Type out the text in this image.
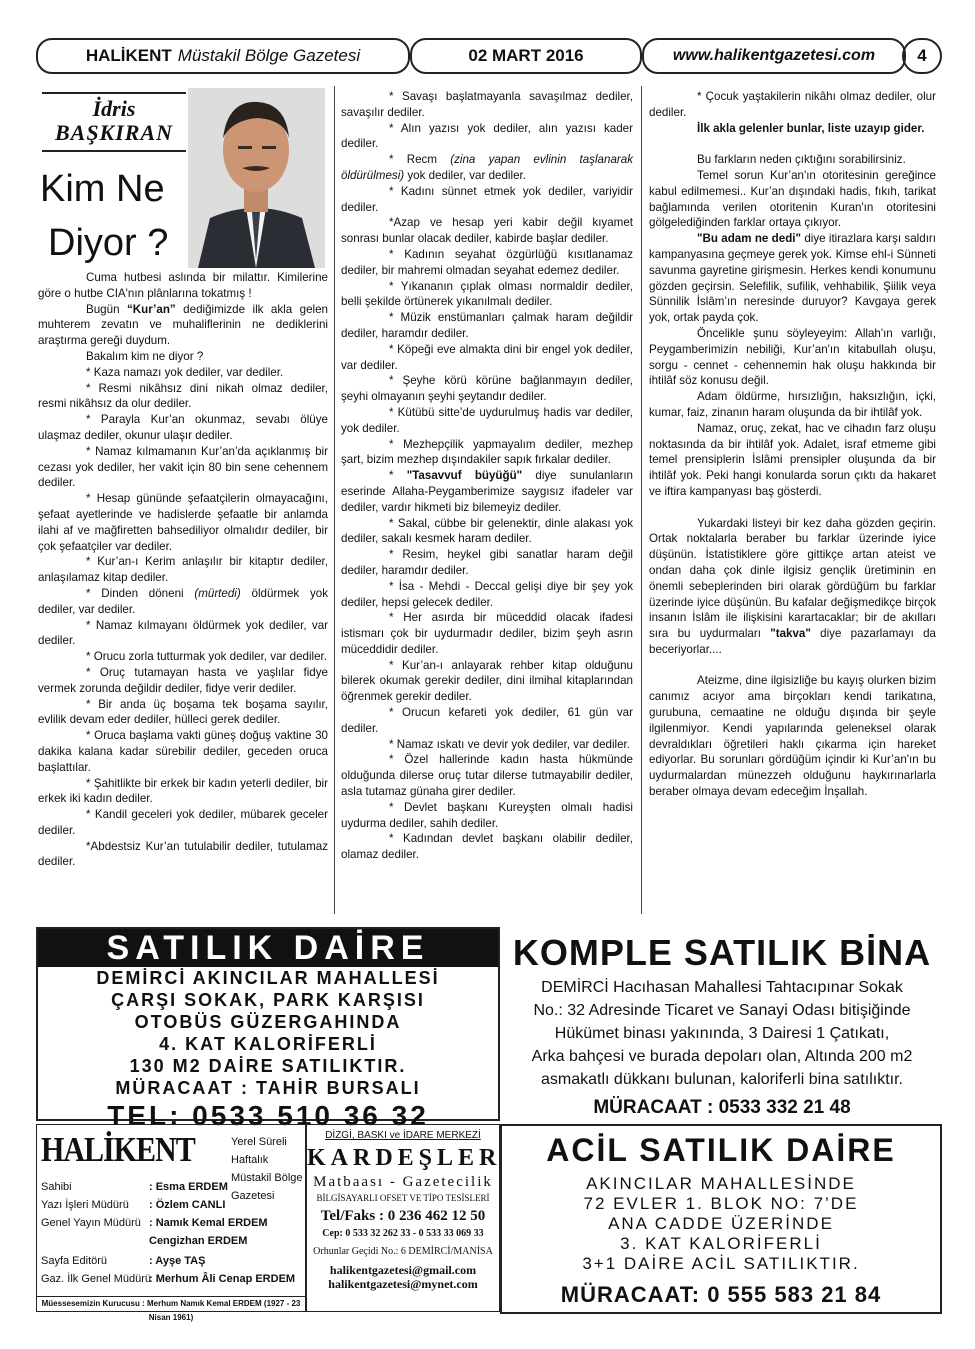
HALİKENT Müstakil Bölge Gazetesi	02 MART 2016	www.halikentgazetesi.com	4
İdris
BAŞKIRAN
Kim Ne
Diyor ?

Cuma hutbesi aslında bir milattır. Kimilerine göre o hutbe CIA'nın plânlarına tokatmış !

Bugün “Kur’an” dediğimizde ilk akla gelen muhterem zevatın ve muhaliflerinin ne dediklerini araştırma gereği duydum.

Bakalım kim ne diyor ?

* Kaza namazı yok dediler, var dediler.

* Resmi nikâhsız dini nikah olmaz dediler, resmi nikâhsız da olur dediler.

* Parayla Kur’an okunmaz, sevabı ölüye ulaşmaz dediler, okunur ulaşır dediler.

* Namaz kılmamanın Kur’an’da açıklanmış bir cezası yok dediler, her vakit için 80 bin sene cehennem dediler.

* Hesap gününde şefaatçilerin olmayacağını, şefaat ayetlerinde ve hadislerde şefaatle bir anlamda ilahi af ve mağfiretten bahsediliyor olmalıdır dediler, bir çok şefaatçiler var dediler.

* Kur’an-ı Kerim anlaşılır bir kitaptır dediler, anlaşılamaz kitap dediler.

* Dinden döneni (mürtedi) öldürmek yok dediler, var dediler.

* Namaz kılmayanı öldürmek yok dediler, var dediler.

* Orucu zorla tutturmak yok dediler, var dediler.

* Oruç tutamayan hasta ve yaşlılar fidye vermek zorunda değildir dediler, fidye verir dediler.

* Bir anda üç boşama tek boşama sayılır, evlilik devam eder dediler, hülleci gerek dediler.

* Oruca başlama vakti güneş doğuş vaktine 30 dakika kalana kadar sürebilir dediler, geceden oruca başlattılar.

* Şahitlikte bir erkek bir kadın yeterli dediler, bir erkek iki kadın dediler.

* Kandil geceleri yok dediler, mübarek geceler dediler.

*Abdestsiz Kur’an tutulabilir dediler, tutulamaz dediler.

* Savaşı başlatmayanla savaşılmaz dediler, savaşılır dediler.

* Alın yazısı yok dediler, alın yazısı kader dediler.

* Recm (zina yapan evlinin taşlanarak öldürülmesi) yok dediler, var dediler.

* Kadını sünnet etmek yok dediler, variyidir dediler.

*Azap ve hesap yeri kabir değil kıyamet sonrası bunlar olacak dediler, kabirde başlar dediler.

* Kadının seyahat özgürlüğü kısıtlanamaz dediler, bir mahremi olmadan seyahat edemez dediler.

* Yıkananın çıplak olması normaldir dediler, belli şekilde örtünerek yıkanılmalı dediler.

* Müzik enstümanları çalmak haram değildir dediler, haramdır dediler.

* Köpeği eve almakta dini bir engel yok dediler, var dediler.

* Şeyhe körü körüne bağlanmayın dediler, şeyhi olmayanın şeyhi şeytandır dediler.

* Kütübü sitte’de uydurulmuş hadis var dediler, yok dediler.

* Mezhepçilik yapmayalım dediler, mezhep şart, bizim mezhep dışındakiler sapık fırkalar dediler.

* "Tasavvuf büyüğü" diye sunulanların eserinde Allaha-Peygamberimize saygısız ifadeler var dediler, vardır hikmeti biz bilemeyiz dediler.

* Sakal, cübbe bir gelenektir, dinle alakası yok dediler, sakalı kesmek haram dediler.

* Resim, heykel gibi sanatlar haram değil dediler, haramdır dediler.

* İsa - Mehdi - Deccal gelişi diye bir şey yok dediler, hepsi gelecek dediler.

* Her asırda bir müceddid olacak ifadesi istismarı çok bir uydurmadır dediler, bizim şeyh asrın müceddidir dediler.

* Kur’an-ı anlayarak rehber kitap olduğunu bilerek okumak gerekir dediler, dini ilmihal kitaplarından öğrenmek gerekir dediler.

* Orucun kefareti yok dediler, 61 gün var dediler.

* Namaz ıskatı ve devir yok dediler, var dediler.

* Özel hallerinde kadın hasta hükmünde olduğunda dilerse oruç tutar dilerse tutmayabilir dediler, asla tutamaz günaha girer dediler.

* Devlet başkanı Kureyşten olmalı hadisi uydurma dediler, sahih dediler.

* Kadından devlet başkanı olabilir dediler, olamaz dediler.

* Çocuk yaştakilerin nikâhı olmaz dediler, olur dediler.

İlk akla gelenler bunlar, liste uzayıp gider.

Bu farkların neden çıktığını sorabilirsiniz.

Temel sorun Kur’an'ın otoritesinin gereğince kabul edilmemesi.. Kur’an dışındaki hadis, fıkıh, tarikat bağlamında verilen otoritenin Kuran'ın otoritesini gölgelediğinden farklar ortaya çıkıyor.

"Bu adam ne dedi" diye itirazlara karşı saldırı kampanyasına geçmeye gerek yok. Kimse ehl-i Sünneti savunma gayretine girişmesin. Herkes kendi konumunu gözden geçirsin. Selefilik, sufilik, vehhabilik, Şiilik veya Sünnilik İslâm’ın neresinde duruyor? Kavgaya gerek yok, ortak payda çok.

Öncelikle şunu söyleyeyim: Allah'ın varlığı, Peygamberimizin nebiliği, Kur’an'ın kitabullah oluşu, sorgu - cennet - cehennemin hak oluşu hakkında bir ihtilâf söz konusu değil.

Adam öldürme, hırsızlığın, haksızlığın, içki, kumar, faiz, zinanın haram oluşunda da bir ihtilâf yok.

Namaz, oruç, zekat, hac ve cihadın farz oluşu noktasında da bir ihtilâf yok. Adalet, israf etmeme gibi temel prensiplerin İslâmi prensipler oluşunda da bir ihtilâf yok. Peki hangi konularda sorun çıktı da hakaret ve iftira kampanyası baş gösterdi.

Yukardaki listeyi bir kez daha gözden geçirin. Ortak noktalarla beraber bu farklar üzerinde iyice düşünün. İstatistiklere göre gittikçe artan ateist ve ondan daha çok dinle ilgisiz gençlik üretiminin en önemli sebeplerinden biri olarak gördüğüm bu farklar üzerinde iyice düşünün. Bu kafalar değişmedikçe birçok insanın İslâm ile ilişkisini karartacaklar; bir de akılları sıra bu uydurmaları "takva" diye pazarlamayı da beceriyorlar....

Ateizme, dine ilgisizliğe bu kayış olurken bizim canımız acıyor ama birçokları kendi tarikatına, gurubuna, cemaatine ne olduğu dışında bir şeyle ilgilenmiyor. Kendi yapılarında geleneksel olarak devraldıkları öğretileri haklı çıkarma için hareket ediyorlar. Bu sorunları gördüğüm içindir ki Kur’an'ın bu uydurmalardan münezzeh olduğunu haykırınarlarla beraber olmaya devam edeceğim İnşallah.

SATILIK DAİRE
DEMİRCİ AKINCILAR MAHALLESİ
ÇARŞI SOKAK, PARK KARŞISI
OTOBÜS GÜZERGAHINDA
4. KAT KALORİFERLİ
130 M2 DAİRE SATILIKTIR.
MÜRACAAT : TAHİR BURSALI
TEL: 0533 510 36 32
KOMPLE SATILIK BİNA
DEMİRCİ Hacıhasan Mahallesi Tahtacıpınar Sokak
No.: 32 Adresinde Ticaret ve Sanayi Odası bitişiğinde
Hükümet binası yakınında, 3 Dairesi 1 Çatıkatı,
Arka bahçesi ve burada depoları olan, Altında 200 m2
asmakatlı dükkanı bulunan, kaloriferli bina satılıktır.
MÜRACAAT : 0533 332 21 48
HALİKENT	Yerel Süreli Haftalık
Müstakil Bölge Gazetesi
Sahibi	: Esma ERDEM
Yazı İşleri Müdürü : Özlem CANLI
Genel Yayın Müdürü : Namık Kemal ERDEM
Cengizhan ERDEM
Sayfa Editörü	: Ayşe TAŞ
Gaz. İlk Genel Müdürü
: Merhum Âli Cenap ERDEM
Müessesemizin Kurucusu : Merhum Namık Kemal ERDEM (1927 - 23 Nisan 1961)
DİZGİ, BASKI ve İDARE MERKEZİ
KARDEŞLER
Matbaası - Gazetecilik
BİLGİSAYARLI OFSET VE TİPO TESİSLERİ
Tel/Faks : 0 236 462 12 50
Cep: 0 533 32 262 33 - 0 533 33 069 33
Orhunlar Geçidi No.: 6 DEMİRCİ/MANİSA
halikentgazetesi@gmail.com
halikentgazetesi@mynet.com
ACİL SATILIK DAİRE
AKINCILAR MAHALLESİNDE
72 EVLER 1. BLOK NO: 7’DE
ANA CADDE ÜZERİNDE
3. KAT KALORİFERLİ
3+1 DAİRE ACİL SATILIKTIR.
MÜRACAAT: 0 555 583 21 84
